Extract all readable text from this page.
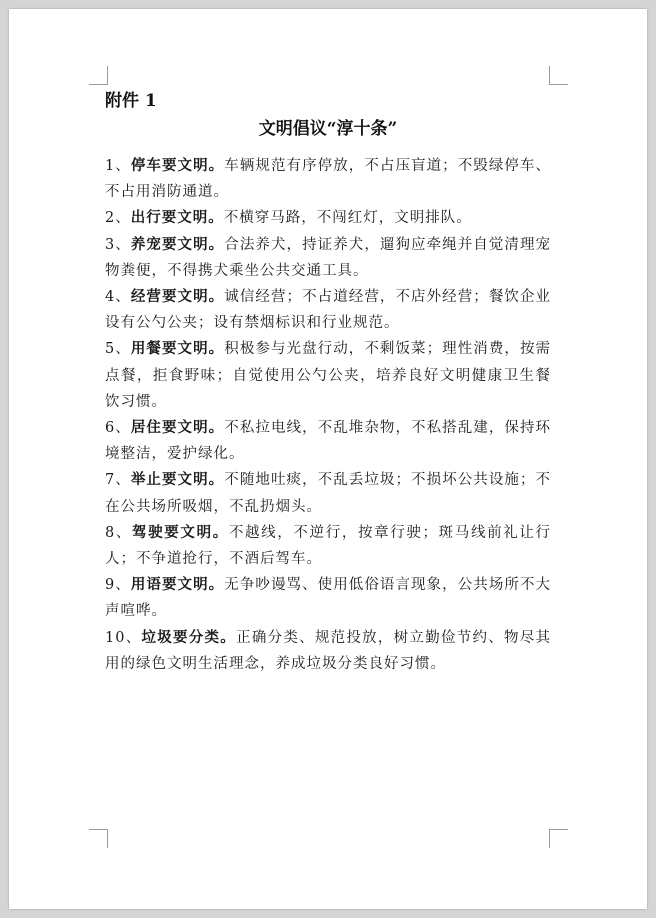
附件 1

文明倡议“淳十条”

1、停车要文明。车辆规范有序停放，不占压盲道；不毁绿停车、不占用消防通道。

2、出行要文明。不横穿马路，不闯红灯，文明排队。

3、养宠要文明。合法养犬，持证养犬，遛狗应牵绳并自觉清理宠物粪便，不得携犬乘坐公共交通工具。

4、经营要文明。诚信经营；不占道经营，不店外经营；餐饮企业设有公勺公夹；设有禁烟标识和行业规范。

5、用餐要文明。积极参与光盘行动，不剩饭菜；理性消费，按需点餐，拒食野味；自觉使用公勺公夹，培养良好文明健康卫生餐饮习惯。

6、居住要文明。不私拉电线，不乱堆杂物，不私搭乱建，保持环境整洁，爱护绿化。

7、举止要文明。不随地吐痰，不乱丢垃圾；不损坏公共设施；不在公共场所吸烟，不乱扔烟头。

8、驾驶要文明。不越线，不逆行，按章行驶；斑马线前礼让行人；不争道抢行，不酒后驾车。

9、用语要文明。无争吵谩骂、使用低俗语言现象，公共场所不大声喧哗。

10、垃圾要分类。正确分类、规范投放，树立勤俭节约、物尽其用的绿色文明生活理念，养成垃圾分类良好习惯。
